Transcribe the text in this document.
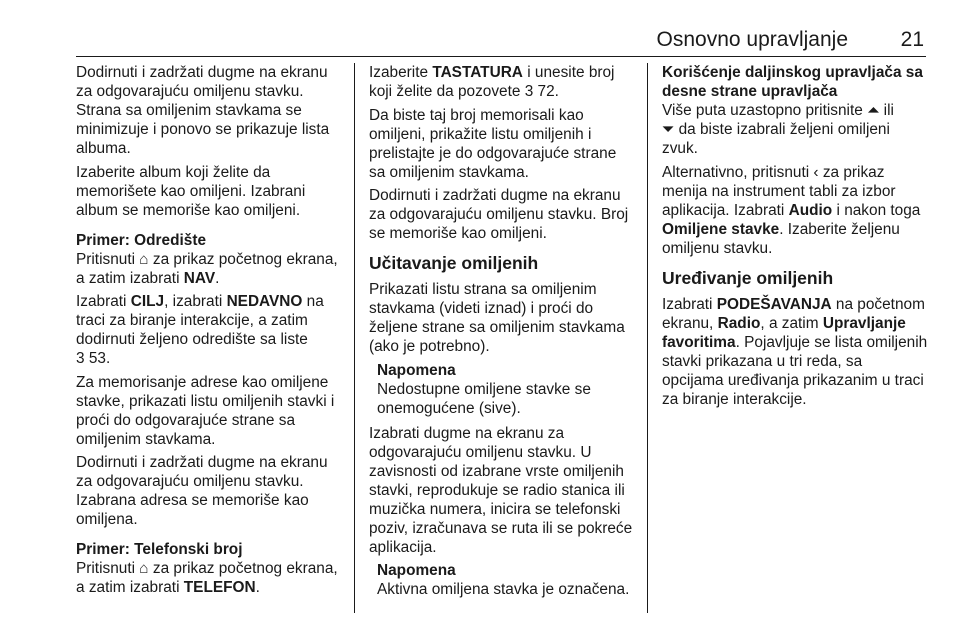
Osnovno upravljanje	21

Dodirnuti i zadržati dugme na ekranu za odgovarajuću omiljenu stavku. Strana sa omiljenim stavkama se minimizuje i ponovo se prikazuje lista albuma.

Izaberite album koji želite da memorišete kao omiljeni. Izabrani album se memoriše kao omiljeni.

Primer: Odredište

Pritisnuti ⌂ za prikaz početnog ekrana, a zatim izabrati NAV.

Izabrati CILJ, izabrati NEDAVNO na traci za biranje interakcije, a zatim dodirnuti željeno odredište sa liste
3 53.

Za memorisanje adrese kao omiljene stavke, prikazati listu omiljenih stavki i proći do odgovarajuće strane sa omiljenim stavkama.

Dodirnuti i zadržati dugme na ekranu za odgovarajuću omiljenu stavku. Izabrana adresa se memoriše kao omiljena.

Primer: Telefonski broj

Pritisnuti ⌂ za prikaz početnog ekrana, a zatim izabrati TELEFON.

Izaberite TASTATURA i unesite broj koji želite da pozovete 3 72.

Da biste taj broj memorisali kao omiljeni, prikažite listu omiljenih i prelistajte je do odgovarajuće strane sa omiljenim stavkama.

Dodirnuti i zadržati dugme na ekranu za odgovarajuću omiljenu stavku. Broj se memoriše kao omiljeni.

Učitavanje omiljenih

Prikazati listu strana sa omiljenim stavkama (videti iznad) i proći do željene strane sa omiljenim stavkama (ako je potrebno).

Napomena
Nedostupne omiljene stavke se onemogućene (sive).

Izabrati dugme na ekranu za odgovarajuću omiljenu stavku. U zavisnosti od izabrane vrste omiljenih stavki, reprodukuje se radio stanica ili muzička numera, inicira se telefonski poziv, izračunava se ruta ili se pokreće aplikacija.

Napomena
Aktivna omiljena stavka je označena.

Korišćenje daljinskog upravljača sa desne strane upravljača

Više puta uzastopno pritisnite ⏶ ili
⏷ da biste izabrali željeni omiljeni zvuk.

Alternativno, pritisnuti ‹ za prikaz menija na instrument tabli za izbor aplikacija. Izabrati Audio i nakon toga Omiljene stavke. Izaberite željenu omiljenu stavku.

Uređivanje omiljenih

Izabrati PODEŠAVANJA na početnom ekranu, Radio, a zatim Upravljanje favoritima. Pojavljuje se lista omiljenih stavki prikazana u tri reda, sa opcijama uređivanja prikazanim u traci za biranje interakcije.
